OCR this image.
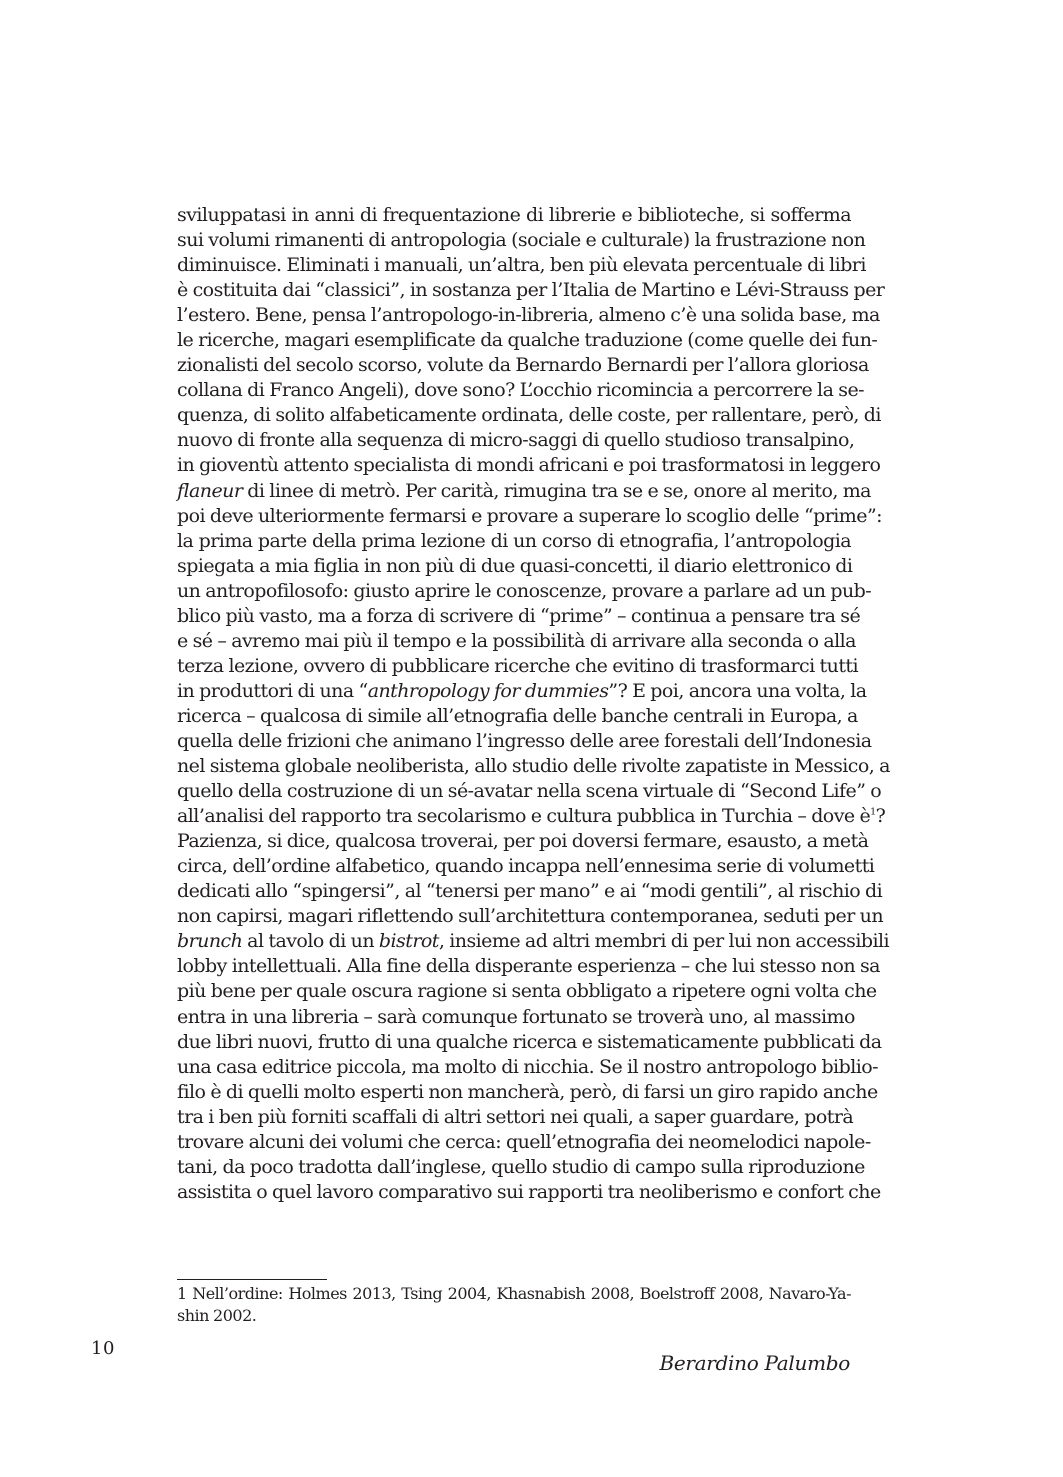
sviluppatasi in anni di frequentazione di librerie e biblioteche, si sofferma
sui volumi rimanenti di antropologia (sociale e culturale) la frustrazione non
diminuisce. Eliminati i manuali, un’altra, ben più elevata percentuale di libri
è costituita dai “classici”, in sostanza per l’Italia de Martino e Lévi-Strauss per
l’estero. Bene, pensa l’antropologo-in-libreria, almeno c’è una solida base, ma
le ricerche, magari esemplificate da qualche traduzione (come quelle dei fun-
zionalisti del secolo scorso, volute da Bernardo Bernardi per l’allora gloriosa
collana di Franco Angeli), dove sono? L’occhio ricomincia a percorrere la se-
quenza, di solito alfabeticamente ordinata, delle coste, per rallentare, però, di
nuovo di fronte alla sequenza di micro-saggi di quello studioso transalpino,
in gioventù attento specialista di mondi africani e poi trasformatosi in leggero
flaneur di linee di metrò. Per carità, rimugina tra se e se, onore al merito, ma
poi deve ulteriormente fermarsi e provare a superare lo scoglio delle “prime”:
la prima parte della prima lezione di un corso di etnografia, l’antropologia
spiegata a mia figlia in non più di due quasi-concetti, il diario elettronico di
un antropofilosofo: giusto aprire le conoscenze, provare a parlare ad un pub-
blico più vasto, ma a forza di scrivere di “prime” – continua a pensare tra sé
e sé – avremo mai più il tempo e la possibilità di arrivare alla seconda o alla
terza lezione, ovvero di pubblicare ricerche che evitino di trasformarci tutti
in produttori di una “anthropology for dummies”? E poi, ancora una volta, la
ricerca – qualcosa di simile all’etnografia delle banche centrali in Europa, a
quella delle frizioni che animano l’ingresso delle aree forestali dell’Indonesia
nel sistema globale neoliberista, allo studio delle rivolte zapatiste in Messico, a
quello della costruzione di un sé-avatar nella scena virtuale di “Second Life” o
all’analisi del rapporto tra secolarismo e cultura pubblica in Turchia – dove $è^1$?
Pazienza, si dice, qualcosa troverai, per poi doversi fermare, esausto, a metà
circa, dell’ordine alfabetico, quando incappa nell’ennesima serie di volumetti
dedicati allo “spingersi”, al “tenersi per mano” e ai “modi gentili”, al rischio di
non capirsi, magari riflettendo sull’architettura contemporanea, seduti per un
brunch al tavolo di un bistrot, insieme ad altri membri di per lui non accessibili
lobby intellettuali. Alla fine della disperante esperienza – che lui stesso non sa
più bene per quale oscura ragione si senta obbligato a ripetere ogni volta che
entra in una libreria – sarà comunque fortunato se troverà uno, al massimo
due libri nuovi, frutto di una qualche ricerca e sistematicamente pubblicati da
una casa editrice piccola, ma molto di nicchia. Se il nostro antropologo biblio-
filo è di quelli molto esperti non mancherà, però, di farsi un giro rapido anche
tra i ben più forniti scaffali di altri settori nei quali, a saper guardare, potrà
trovare alcuni dei volumi che cerca: quell’etnografia dei neomelodici napole-
tani, da poco tradotta dall’inglese, quello studio di campo sulla riproduzione
assistita o quel lavoro comparativo sui rapporti tra neoliberismo e confort che
1 Nell’ordine: Holmes 2013, Tsing 2004, Khasnabish 2008, Boelstroff 2008, Navaro-Ya-
shin 2002.
10
Berardino Palumbo
